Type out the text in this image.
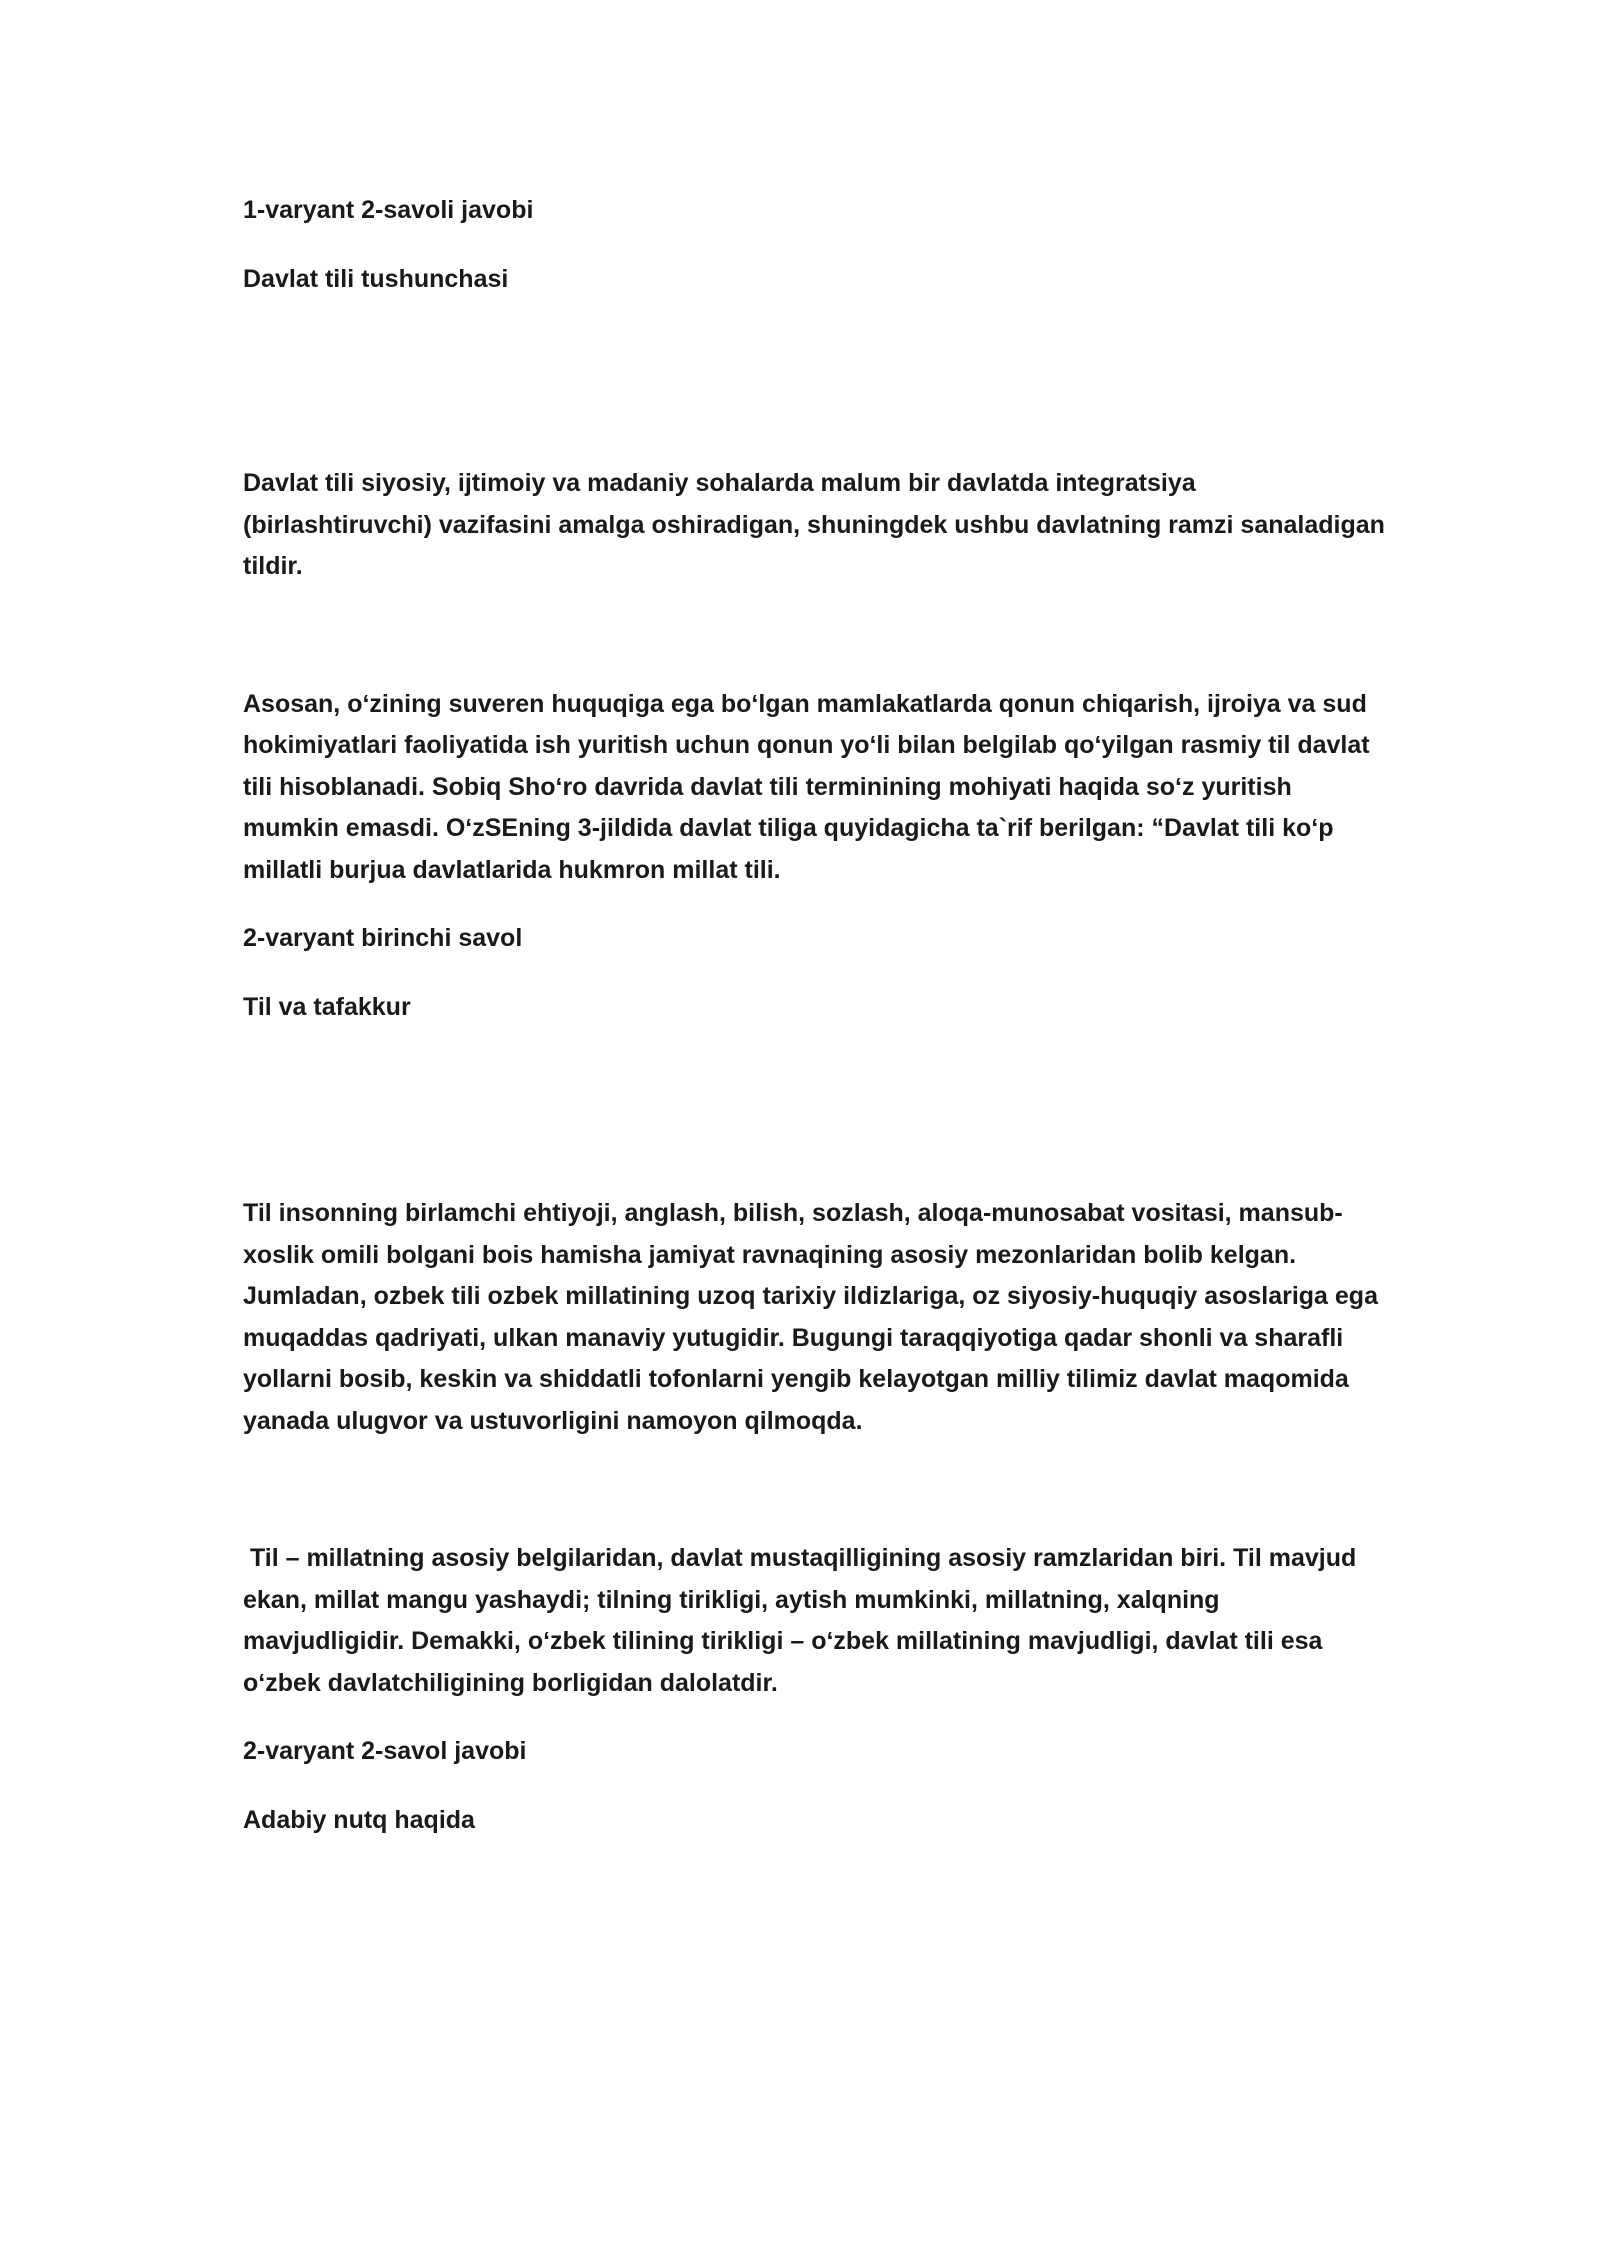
1-varyant 2-savoli javobi
Davlat tili tushunchasi
Davlat tili siyosiy, ijtimoiy va madaniy sohalarda malum bir davlatda integratsiya
(birlashtiruvchi) vazifasini amalga oshiradigan, shuningdek ushbu davlatning ramzi sanaladigan
tildir.
Asosan, oʻzining suveren huquqiga ega boʻlgan mamlakatlarda qonun chiqarish, ijroiya va sud
hokimiyatlari faoliyatida ish yuritish uchun qonun yoʻli bilan belgilab qoʻyilgan rasmiy til davlat
tili hisoblanadi. Sobiq Shoʻro davrida davlat tili terminining mohiyati haqida soʻz yuritish
mumkin emasdi. OʻzSEning 3-jildida davlat tiliga quyidagicha ta`rif berilgan: “Davlat tili koʻp
millatli burjua davlatlarida hukmron millat tili.
2-varyant birinchi savol
Til va tafakkur
Til insonning birlamchi ehtiyoji, anglash, bilish, sozlash, aloqa-munosabat vositasi, mansub-
xoslik omili bolgani bois hamisha jamiyat ravnaqining asosiy mezonlaridan bolib kelgan.
Jumladan, ozbek tili ozbek millatining uzoq tarixiy ildizlariga, oz siyosiy-huquqiy asoslariga ega
muqaddas qadriyati, ulkan manaviy yutugidir. Bugungi taraqqiyotiga qadar shonli va sharafli
yollarni bosib, keskin va shiddatli tofonlarni yengib kelayotgan milliy tilimiz davlat maqomida
yanada ulugvor va ustuvorligini namoyon qilmoqda.
Til – millatning asosiy belgilaridan, davlat mustaqilligining asosiy ramzlaridan biri. Til mavjud
ekan, millat mangu yashaydi; tilning tirikligi, aytish mumkinki, millatning, xalqning
mavjudligidir. Demakki, oʻzbek tilining tirikligi – oʻzbek millatining mavjudligi, davlat tili esa
oʻzbek davlatchiligining borligidan dalolatdir.
2-varyant 2-savol javobi
Adabiy nutq haqida
